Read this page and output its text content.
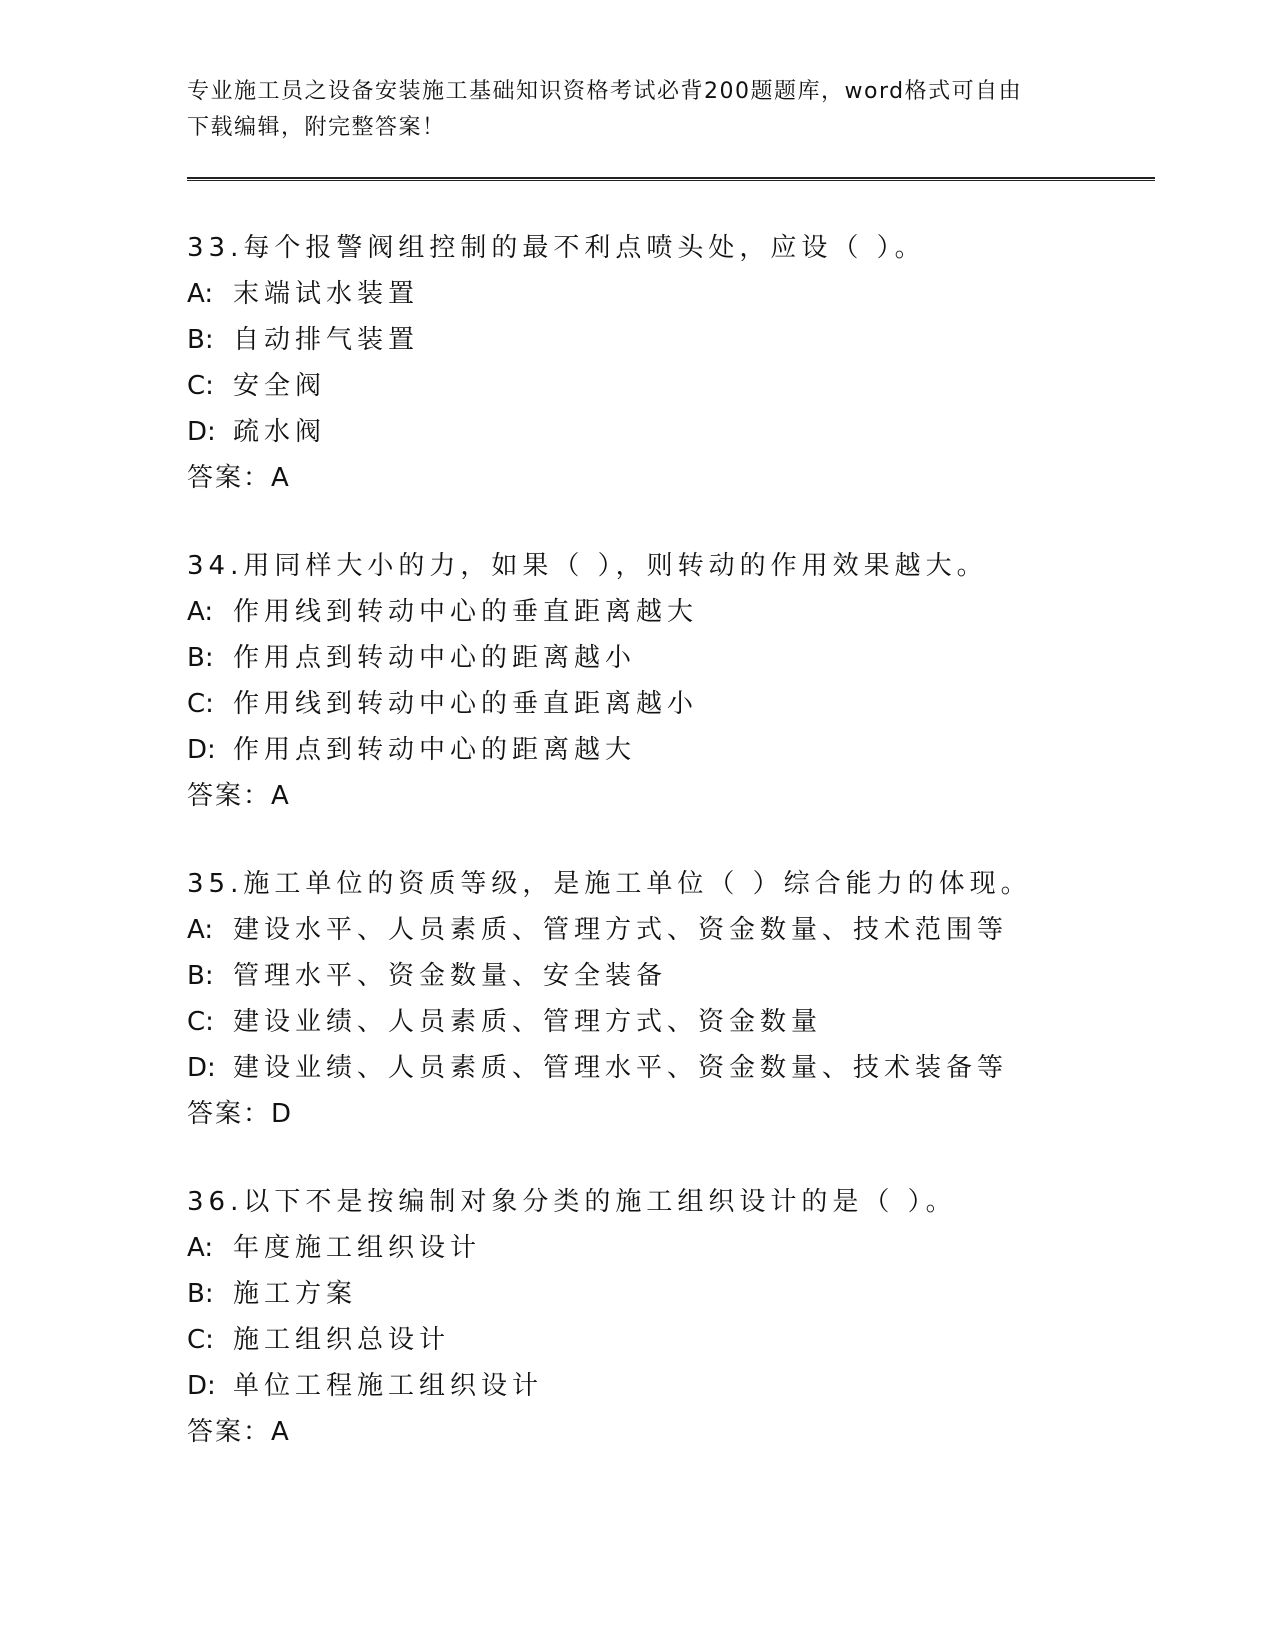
专业施工员之设备安装施工基础知识资格考试必背200题题库，word格式可自由
下载编辑，附完整答案！
33.每个报警阀组控制的最不利点喷头处，应设（ ）。
A: 末端试水装置
B: 自动排气装置
C: 安全阀
D: 疏水阀
答案：A
34.用同样大小的力，如果（ ），则转动的作用效果越大。
A: 作用线到转动中心的垂直距离越大
B: 作用点到转动中心的距离越小
C: 作用线到转动中心的垂直距离越小
D: 作用点到转动中心的距离越大
答案：A
35.施工单位的资质等级，是施工单位（ ）综合能力的体现。
A: 建设水平、人员素质、管理方式、资金数量、技术范围等
B: 管理水平、资金数量、安全装备
C: 建设业绩、人员素质、管理方式、资金数量
D: 建设业绩、人员素质、管理水平、资金数量、技术装备等
答案：D
36.以下不是按编制对象分类的施工组织设计的是（ ）。
A: 年度施工组织设计
B: 施工方案
C: 施工组织总设计
D: 单位工程施工组织设计
答案：A
